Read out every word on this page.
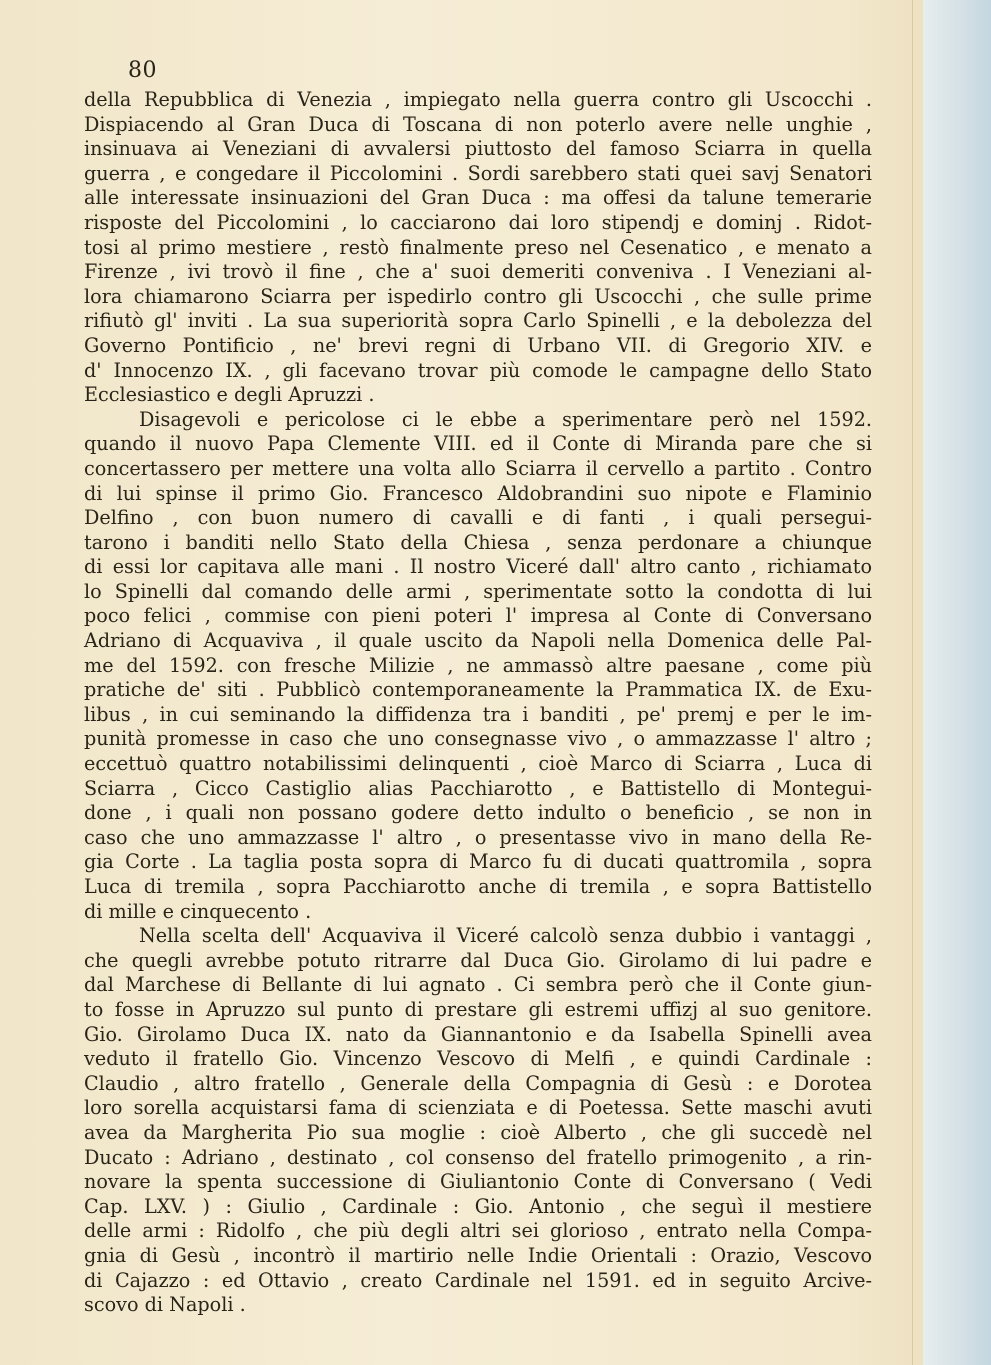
80
della Repubblica di Venezia , impiegato nella guerra contro gli Uscocchi .
Dispiacendo al Gran Duca di Toscana di non poterlo avere nelle unghie ,
insinuava ai Veneziani di avvalersi piuttosto del famoso Sciarra in quella
guerra , e congedare il Piccolomini . Sordi sarebbero stati quei savj Senatori
alle interessate insinuazioni del Gran Duca : ma offesi da talune temerarie
risposte del Piccolomini , lo cacciarono dai loro stipendj e dominj . Ridot-
tosi al primo mestiere , restò finalmente preso nel Cesenatico , e menato a
Firenze , ivi trovò il fine , che a' suoi demeriti conveniva . I Veneziani al-
lora chiamarono Sciarra per ispedirlo contro gli Uscocchi , che sulle prime
rifiutò gl' inviti . La sua superiorità sopra Carlo Spinelli , e la debolezza del
Governo Pontificio , ne' brevi regni di Urbano VII. di Gregorio XIV. e
d' Innocenzo IX. , gli facevano trovar più comode le campagne dello Stato
Ecclesiastico e degli Apruzzi .
Disagevoli e pericolose ci le ebbe a sperimentare però nel 1592.
quando il nuovo Papa Clemente VIII. ed il Conte di Miranda pare che si
concertassero per mettere una volta allo Sciarra il cervello a partito . Contro
di lui spinse il primo Gio. Francesco Aldobrandini suo nipote e Flaminio
Delfino , con buon numero di cavalli e di fanti , i quali persegui-
tarono i banditi nello Stato della Chiesa , senza perdonare a chiunque
di essi lor capitava alle mani . Il nostro Viceré dall' altro canto , richiamato
lo Spinelli dal comando delle armi , sperimentate sotto la condotta di lui
poco felici , commise con pieni poteri l' impresa al Conte di Conversano
Adriano di Acquaviva , il quale uscito da Napoli nella Domenica delle Pal-
me del 1592. con fresche Milizie , ne ammassò altre paesane , come più
pratiche de' siti . Pubblicò contemporaneamente la Prammatica IX. de Exu-
libus , in cui seminando la diffidenza tra i banditi , pe' premj e per le im-
punità promesse in caso che uno consegnasse vivo , o ammazzasse l' altro ;
eccettuò quattro notabilissimi delinquenti , cioè Marco di Sciarra , Luca di
Sciarra , Cicco Castiglio alias Pacchiarotto , e Battistello di Montegui-
done , i quali non possano godere detto indulto o beneficio , se non in
caso che uno ammazzasse l' altro , o presentasse vivo in mano della Re-
gia Corte . La taglia posta sopra di Marco fu di ducati quattromila , sopra
Luca di tremila , sopra Pacchiarotto anche di tremila , e sopra Battistello
di mille e cinquecento .
Nella scelta dell' Acquaviva il Viceré calcolò senza dubbio i vantaggi ,
che quegli avrebbe potuto ritrarre dal Duca Gio. Girolamo di lui padre e
dal Marchese di Bellante di lui agnato . Ci sembra però che il Conte giun-
to fosse in Apruzzo sul punto di prestare gli estremi uffizj al suo genitore.
Gio. Girolamo Duca IX. nato da Giannantonio e da Isabella Spinelli avea
veduto il fratello Gio. Vincenzo Vescovo di Melfi , e quindi Cardinale :
Claudio , altro fratello , Generale della Compagnia di Gesù : e Dorotea
loro sorella acquistarsi fama di scienziata e di Poetessa. Sette maschi avuti
avea da Margherita Pio sua moglie : cioè Alberto , che gli succedè nel
Ducato : Adriano , destinato , col consenso del fratello primogenito , a rin-
novare la spenta successione di Giuliantonio Conte di Conversano ( Vedi
Cap. LXV. ) : Giulio , Cardinale : Gio. Antonio , che seguì il mestiere
delle armi : Ridolfo , che più degli altri sei glorioso , entrato nella Compa-
gnia di Gesù , incontrò il martirio nelle Indie Orientali : Orazio, Vescovo
di Cajazzo : ed Ottavio , creato Cardinale nel 1591. ed in seguito Arcive-
scovo di Napoli .
